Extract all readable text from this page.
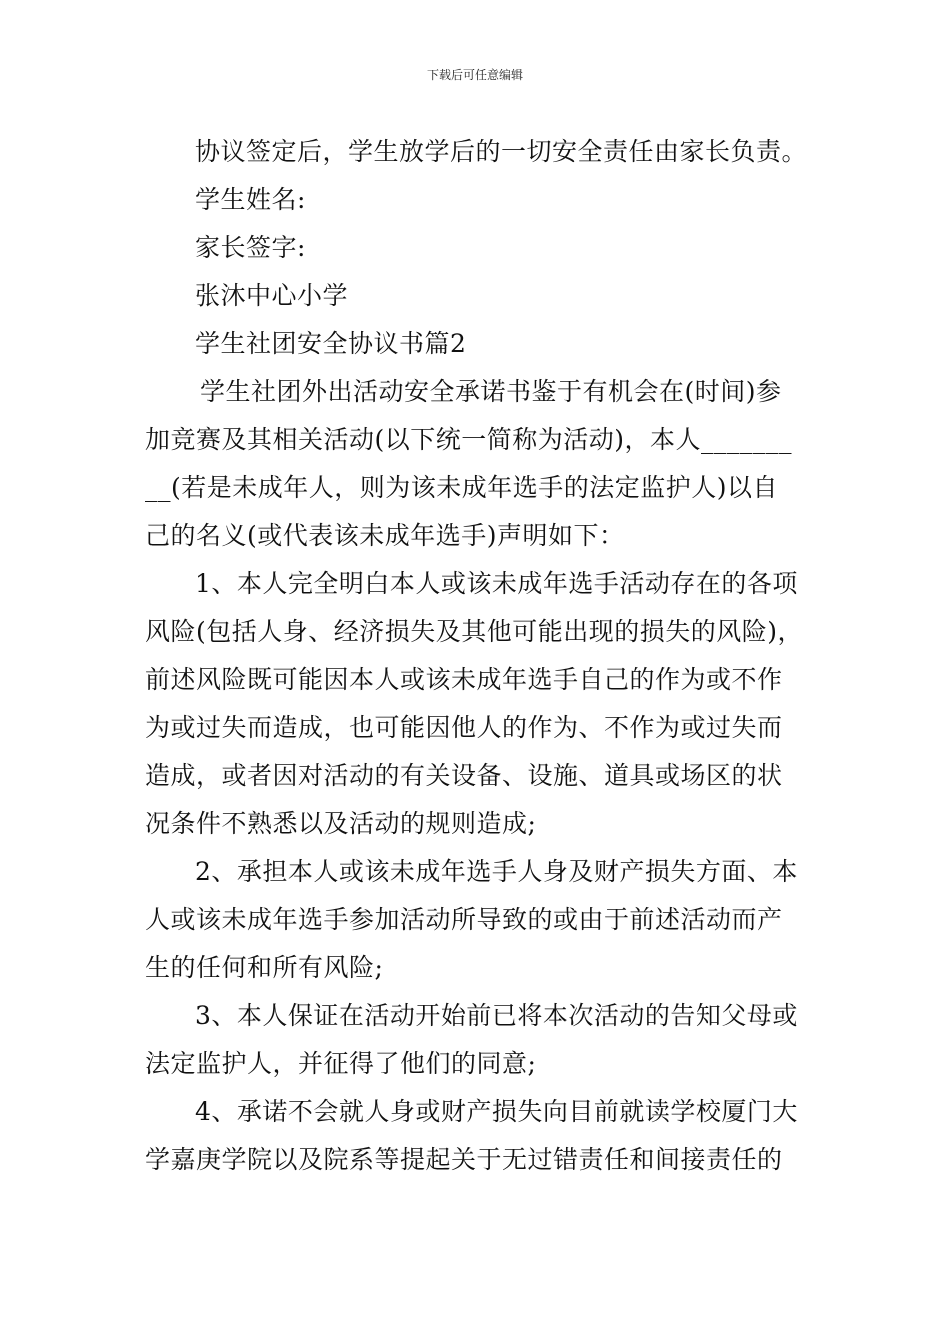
下载后可任意编辑
协议签定后，学生放学后的一切安全责任由家长负责。
学生姓名:
家长签字:
张沐中心小学
学生社团安全协议书篇2
学生社团外出活动安全承诺书鉴于有机会在(时间)参
加竞赛及其相关活动(以下统一简称为活动)，本人_______
__(若是未成年人，则为该未成年选手的法定监护人)以自
己的名义(或代表该未成年选手)声明如下：
1、本人完全明白本人或该未成年选手活动存在的各项
风险(包括人身、经济损失及其他可能出现的损失的风险)，
前述风险既可能因本人或该未成年选手自己的作为或不作
为或过失而造成，也可能因他人的作为、不作为或过失而
造成，或者因对活动的有关设备、设施、道具或场区的状
况条件不熟悉以及活动的规则造成;
2、承担本人或该未成年选手人身及财产损失方面、本
人或该未成年选手参加活动所导致的或由于前述活动而产
生的任何和所有风险;
3、本人保证在活动开始前已将本次活动的告知父母或
法定监护人，并征得了他们的同意;
4、承诺不会就人身或财产损失向目前就读学校厦门大
学嘉庚学院以及院系等提起关于无过错责任和间接责任的
